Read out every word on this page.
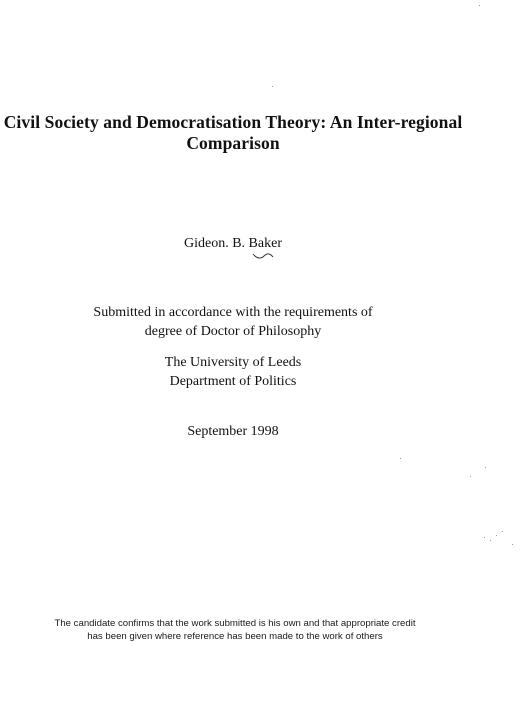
Civil Society and Democratisation Theory: An Inter-regional
Comparison
Gideon. B. Baker
Submitted in accordance with the requirements of
degree of Doctor of Philosophy
The University of Leeds
Department of Politics
September 1998
The candidate confirms that the work submitted is his own and that appropriate credit
has been given where reference has been made to the work of others
